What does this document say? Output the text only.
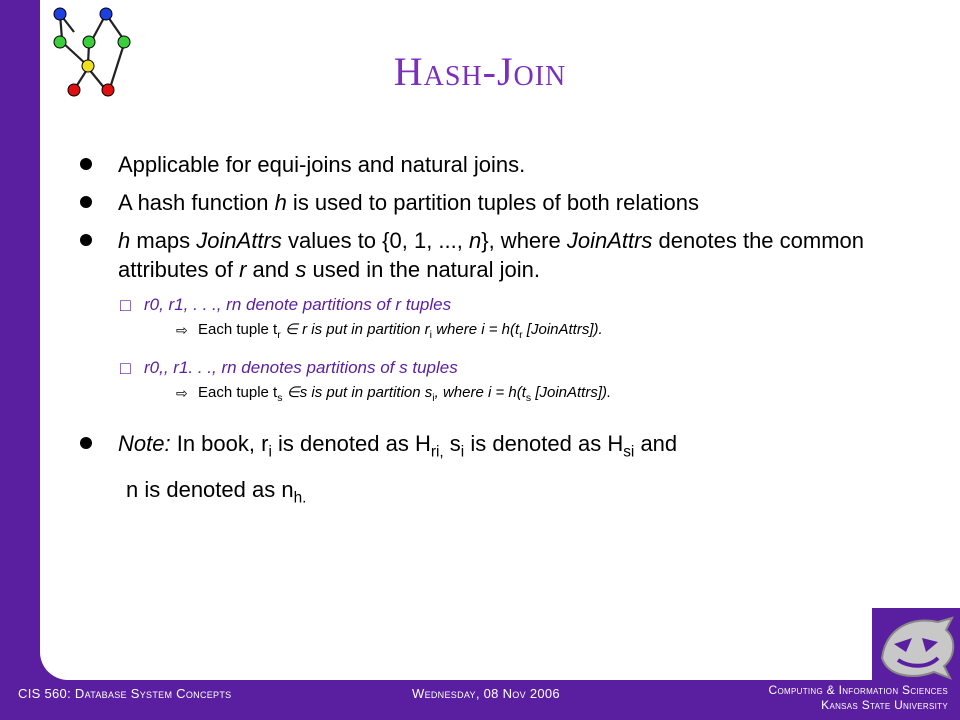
Hash-Join
Applicable for equi-joins and natural joins.
A hash function h is used to partition tuples of both relations
h maps JoinAttrs values to {0, 1, ..., n}, where JoinAttrs denotes the common attributes of r and s used in the natural join.
□ r0, r1, . . ., rn denote partitions of r tuples
⇨ Each tuple $t_r$ ∈ r is put in partition $r_i$ where $i = h(t_r$ [JoinAttrs]).
□ r0,, r1. . ., rn denotes partitions of s tuples
⇨ Each tuple $t_s$ ∈s is put in partition $s_i$, where $i = h(t_s$ [JoinAttrs]).
Note: In book, $r_i$ is denoted as $H_{ri,}$ $s_i$ is denoted as $H_{si}$ and
n is denoted as $n_{h.}$
CIS 560: Database System Concepts	Wednesday, 08 Nov 2006	Computing & Information Sciences
Kansas State University
